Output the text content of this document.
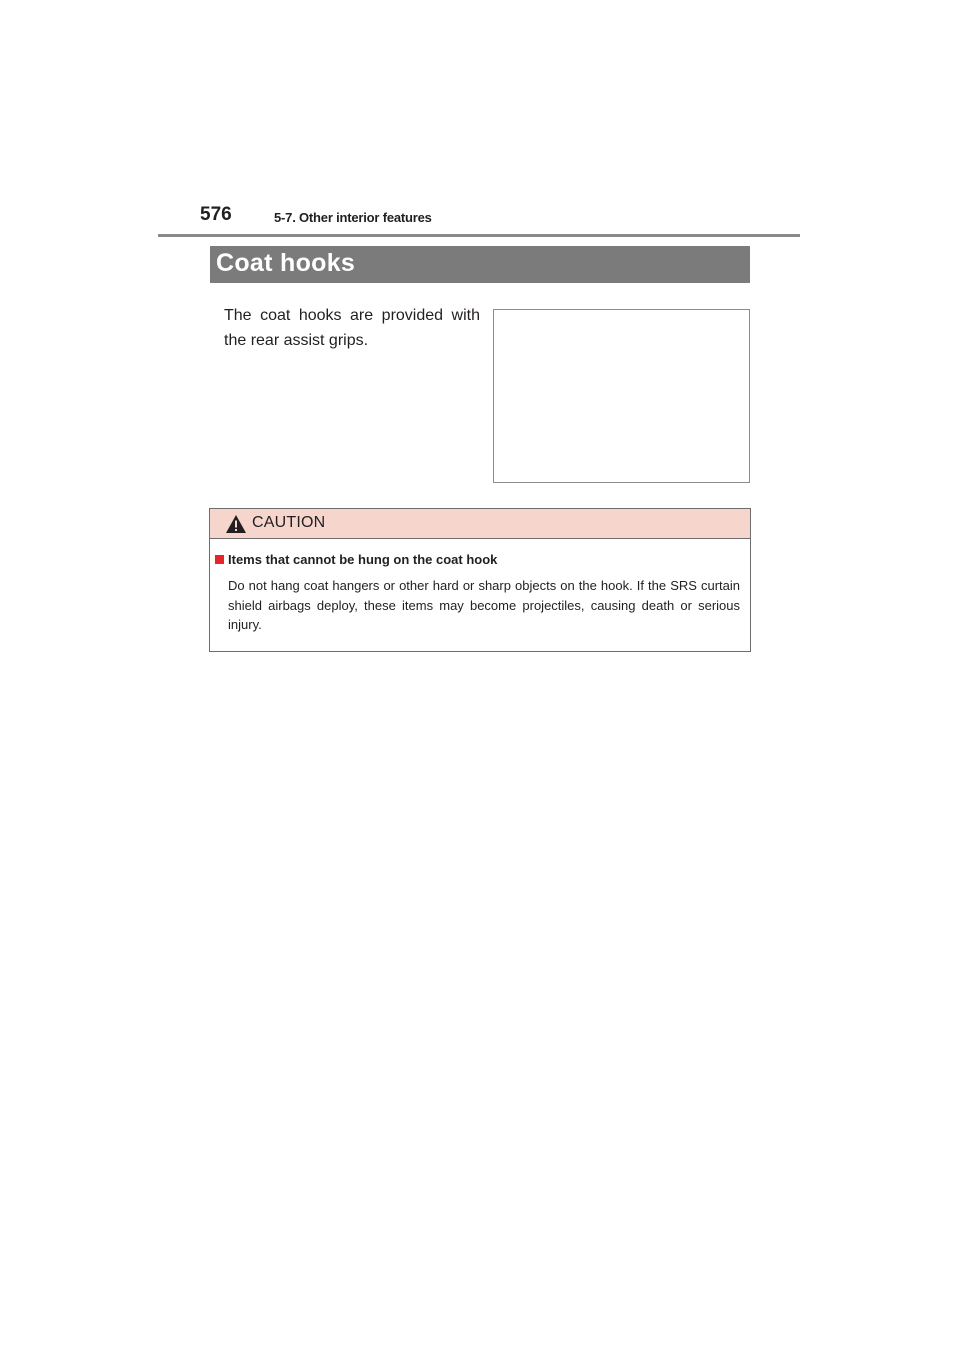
576	5-7. Other interior features
Coat hooks
The coat hooks are provided with the rear assist grips.
CAUTION
Items that cannot be hung on the coat hook
Do not hang coat hangers or other hard or sharp objects on the hook. If the SRS curtain shield airbags deploy, these items may become projectiles, causing death or serious injury.
